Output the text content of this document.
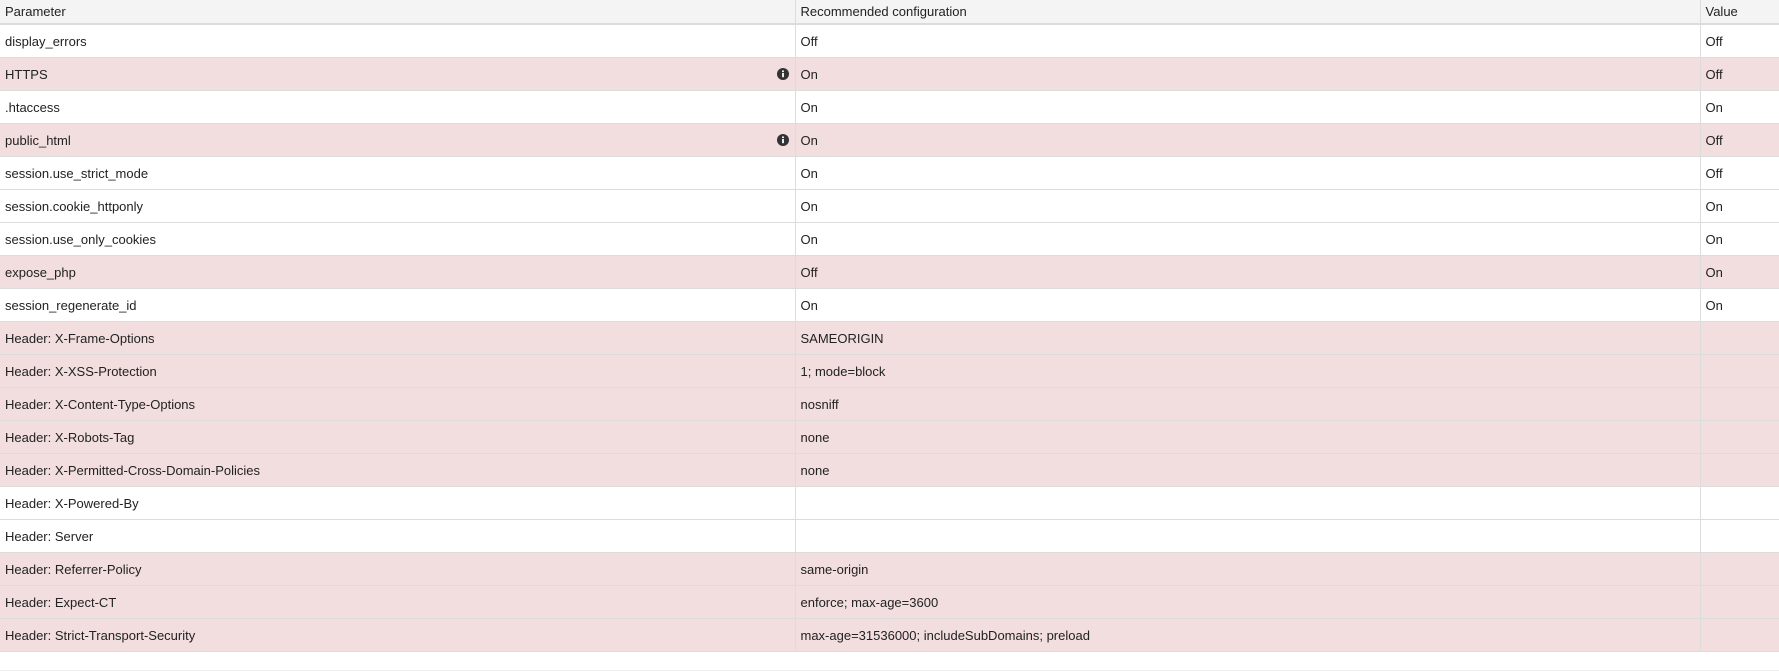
Parameter	Recommended configuration	Value
display_errors	Off	Off
HTTPS	On	Off
.htaccess	On	On
public_html	On	Off
session.use_strict_mode	On	Off
session.cookie_httponly	On	On
session.use_only_cookies	On	On
expose_php	Off	On
session_regenerate_id	On	On
Header: X-Frame-Options	SAMEORIGIN	
Header: X-XSS-Protection	1; mode=block	
Header: X-Content-Type-Options	nosniff	
Header: X-Robots-Tag	none	
Header: X-Permitted-Cross-Domain-Policies	none	
Header: X-Powered-By		
Header: Server		
Header: Referrer-Policy	same-origin	
Header: Expect-CT	enforce; max-age=3600	
Header: Strict-Transport-Security	max-age=31536000; includeSubDomains; preload	
